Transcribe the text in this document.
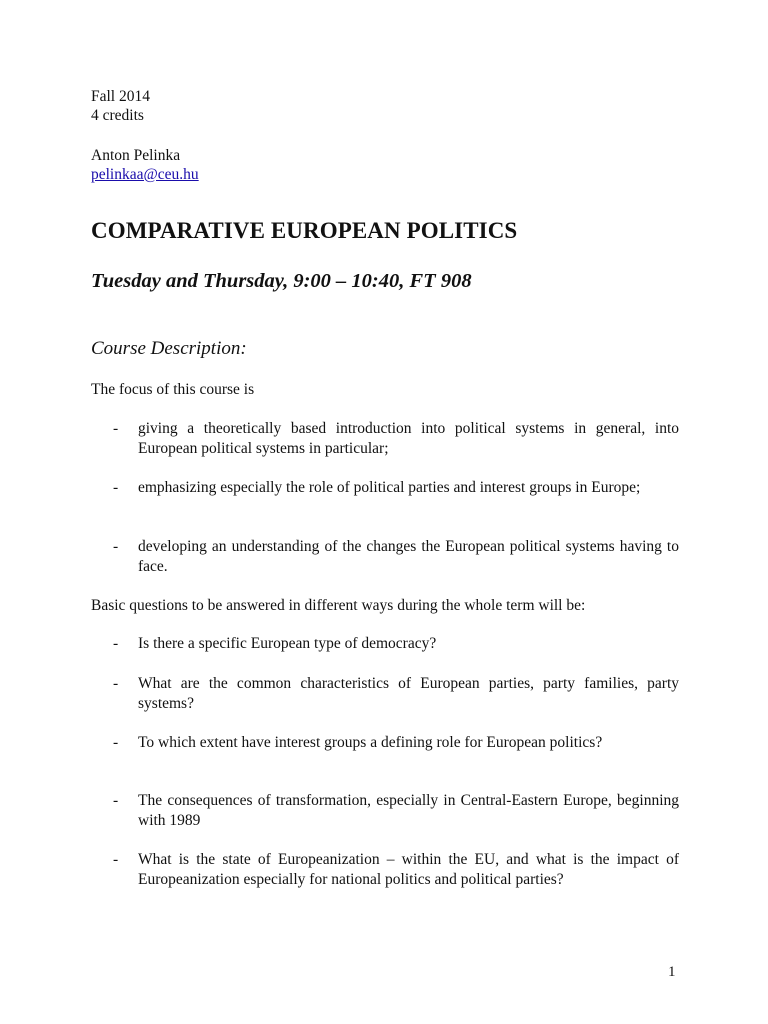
Fall 2014
4 credits
Anton Pelinka
pelinkaa@ceu.hu
COMPARATIVE EUROPEAN POLITICS
Tuesday and Thursday, 9:00 – 10:40, FT 908
Course Description:
The focus of this course is
- giving a theoretically based introduction into political systems in general, into European political systems in particular;
- emphasizing especially the role of political parties and interest groups in Europe;
- developing an understanding of the changes the European political systems having to face.
Basic questions to be answered in different ways during the whole term will be:
- Is there a specific European type of democracy?
- What are the common characteristics of European parties, party families, party systems?
- To which extent have interest groups a defining role for European politics?
- The consequences of transformation, especially in Central-Eastern Europe, beginning with 1989
- What is the state of Europeanization – within the EU, and what is the impact of Europeanization especially for national politics and political parties?
1
